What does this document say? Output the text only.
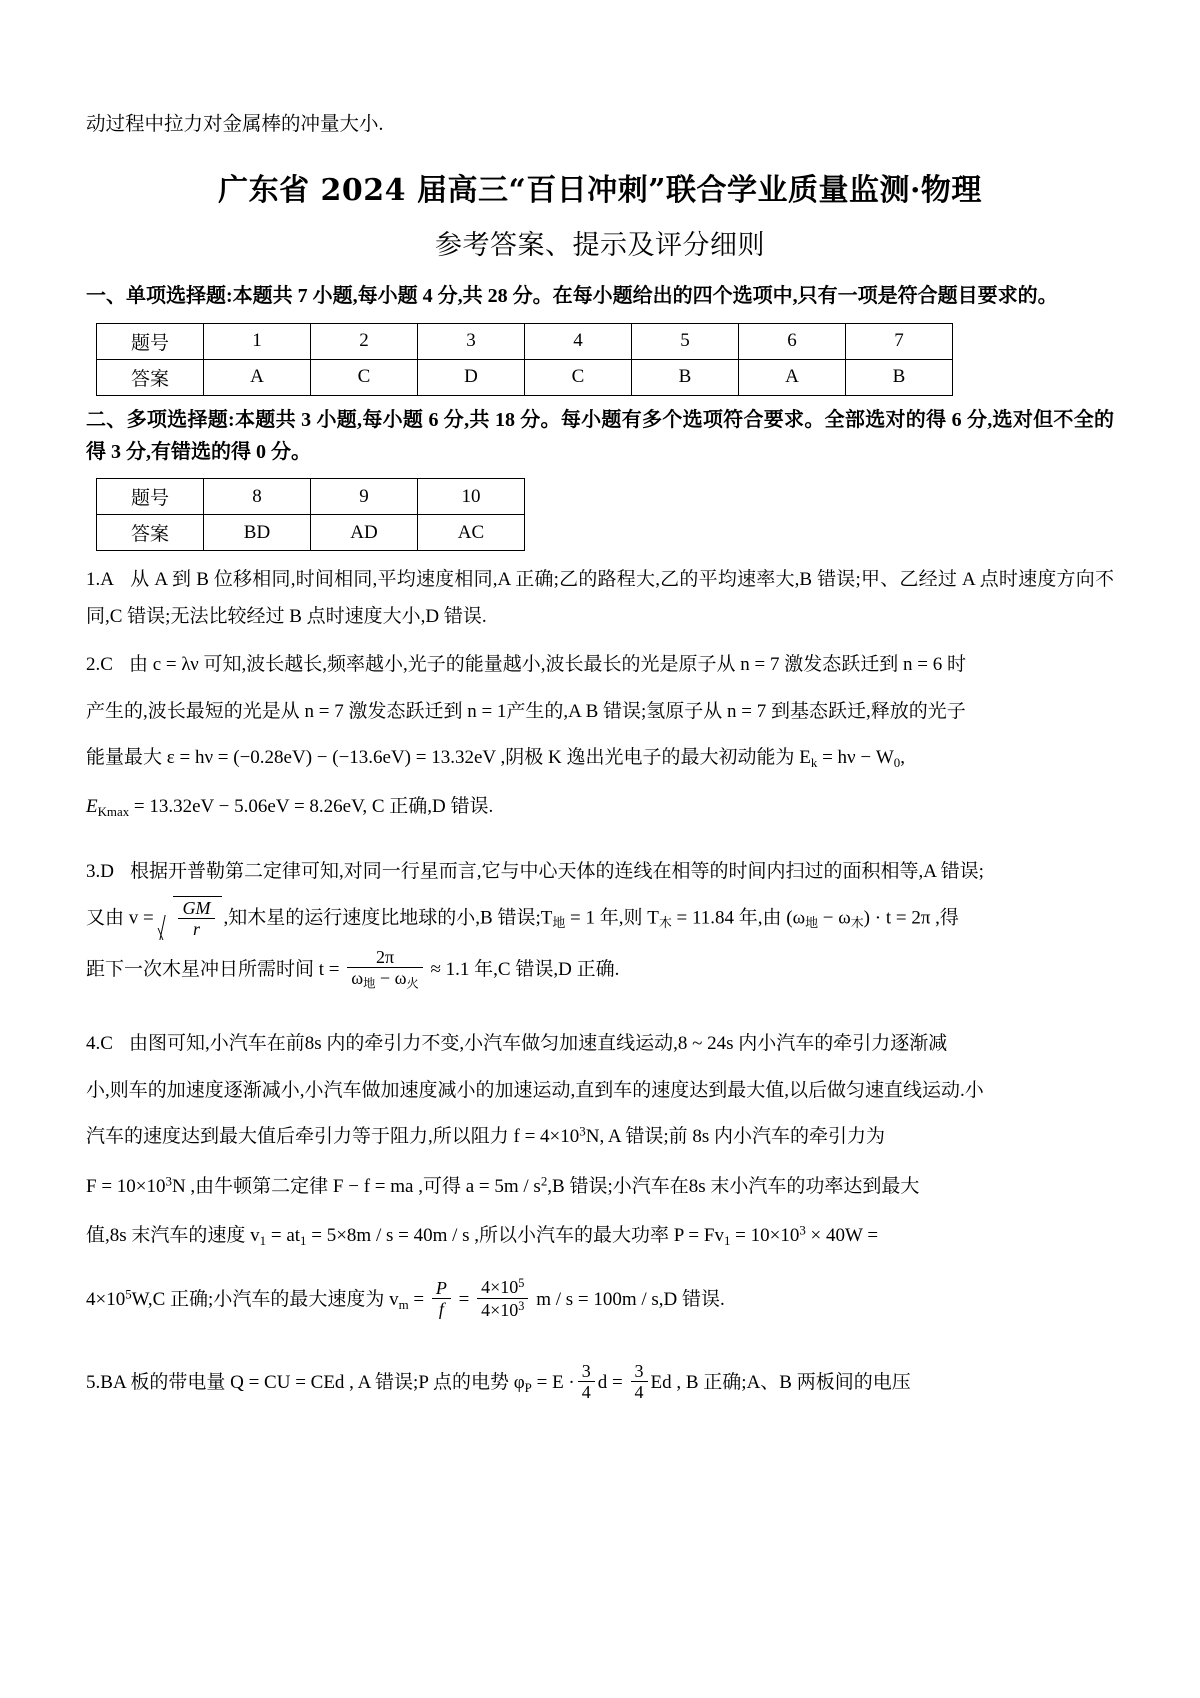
动过程中拉力对金属棒的冲量大小.
广东省 2024 届高三“百日冲刺”联合学业质量监测·物理
参考答案、提示及评分细则
一、单项选择题:本题共 7 小题,每小题 4 分,共 28 分。在每小题给出的四个选项中,只有一项是符合题目要求的。
题号	1	2	3	4	5	6	7
答案	A	C	D	C	B	A	B
二、多项选择题:本题共 3 小题,每小题 6 分,共 18 分。每小题有多个选项符合要求。全部选对的得 6 分,选对但不全的得 3 分,有错选的得 0 分。
题号	8	9	10
答案	BD	AD	AC
1.A 从 A 到 B 位移相同,时间相同,平均速度相同,A 正确;乙的路程大,乙的平均速率大,B 错误;甲、乙经过 A 点时速度方向不同,C 错误;无法比较经过 B 点时速度大小,D 错误.
2.C 由 c = λν 可知,波长越长,频率越小,光子的能量越小,波长最长的光是原子从 n = 7 激发态跃迁到 n = 6 时
产生的,波长最短的光是从 n = 7 激发态跃迁到 n = 1产生的,A B 错误;氢原子从 n = 7 到基态跃迁,释放的光子
能量最大 ε = hν = (−0.28eV) − (−13.6eV) = 13.32eV ,阴极 K 逸出光电子的最大初动能为 $E_k = h\nu - W_0$,
$E_{Kmax} = 13.32eV - 5.06eV = 8.26eV$, C 正确,D 错误.
3.D 根据开普勒第二定律可知,对同一行星而言,它与中心天体的连线在相等的时间内扫过的面积相等,A 错误;
又由 $v = \frac{GM}{r}$ ,知木星的运行速度比地球的小,B 错误$;T_地 = 1$ 年,则 $T_木 = 11.84$ 年,由 $(\omega_地 - \omega_木) \cdot t = 2\pi$ ,得
距下一次木星冲日所需时间 $t = \frac{2\pi}{\omega_地 - \omega_火} \approx 1.1$ 年,C 错误,D 正确.
4.C 由图可知,小汽车在前8s 内的牵引力不变,小汽车做匀加速直线运动,8 ~ 24s 内小汽车的牵引力逐渐减
小,则车的加速度逐渐减小,小汽车做加速度减小的加速运动,直到车的速度达到最大值,以后做匀速直线运动.小
汽车的速度达到最大值后牵引力等于阻力,所以阻力 $f = 4\times 10^3N$, A 错误;前 8s 内小汽车的牵引力为
$F = 10\times 10^3N$ ,由牛顿第二定律 F − f = ma ,可得 $a = 5m / s^2,B$ 错误;小汽车在8s 末小汽车的功率达到最大
值,8s 末汽车的速度 $v_1 = at_1 = 5\times 8m / s = 40m / s$ ,所以小汽车的最大功率 $P = Fv_1 = 10\times 10^3 \times 40W$ =
$4\times 10^5W,C$ 正确;小汽车的最大速度为 $v_m = \frac{P}{f} = \frac{4\times 10^5}{4\times 10^3}$ m / s = 100m / s,D 错误.
5.BA 板的带电量 Q = CU = CEd , A 错误;P 点的电势 $\varphi_P = E \cdot \frac{3}{4}$ $d = \frac{3}{4}$ Ed , B 正确;A、B 两板间的电压
